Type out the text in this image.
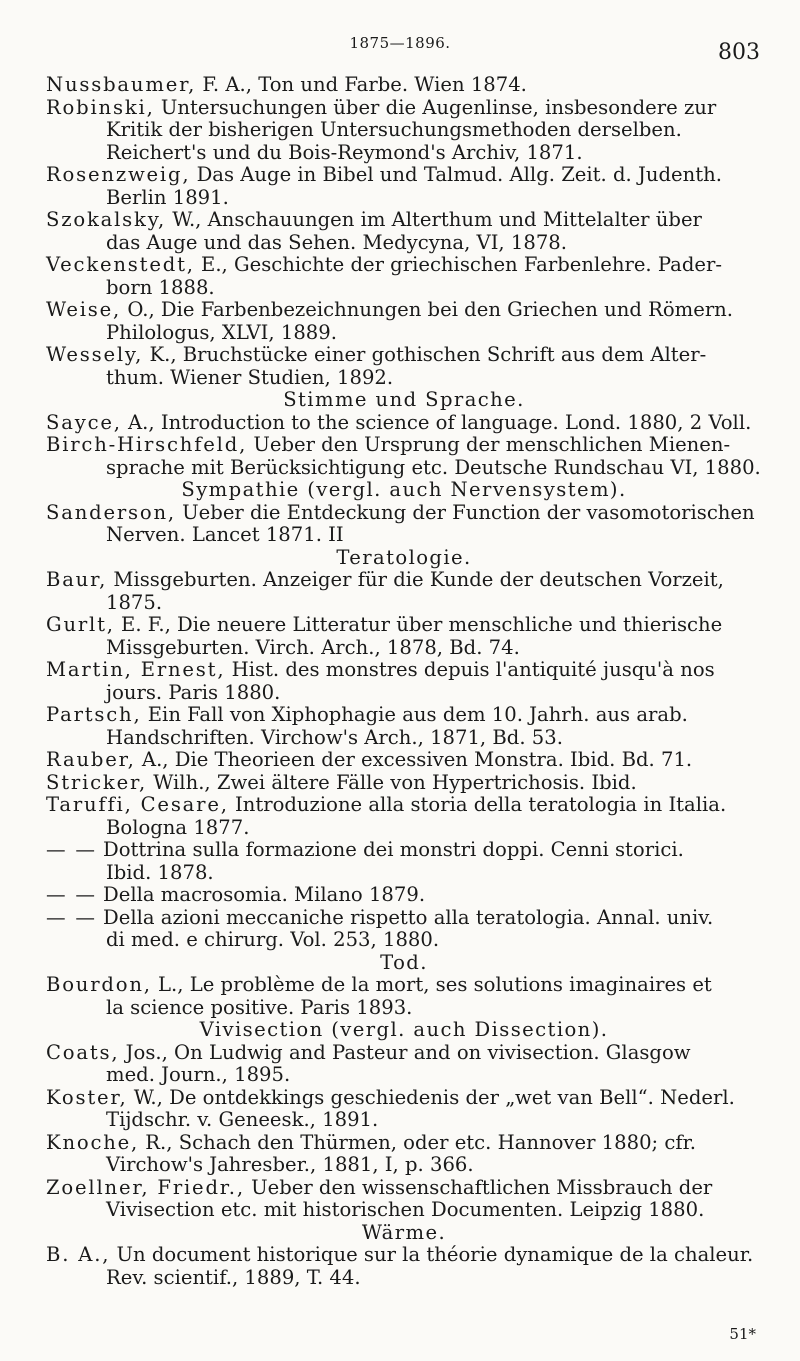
1875—1896.	803

Nussbaumer, F. A., Ton und Farbe. Wien 1874.

Robinski, Untersuchungen über die Augenlinse, insbesondere zur
Kritik der bisherigen Untersuchungsmethoden derselben. Reichert's und du Bois-Reymond's Archiv, 1871.

Rosenzweig, Das Auge in Bibel und Talmud. Allg. Zeit. d. Judenth.
Berlin 1891.

Szokalsky, W., Anschauungen im Alterthum und Mittelalter über
das Auge und das Sehen. Medycyna, VI, 1878.

Veckenstedt, E., Geschichte der griechischen Farbenlehre. Pader-
born 1888.

Weise, O., Die Farbenbezeichnungen bei den Griechen und Römern.
Philologus, XLVI, 1889.

Wessely, K., Bruchstücke einer gothischen Schrift aus dem Alter-
thum. Wiener Studien, 1892.

Stimme und Sprache.

Sayce, A., Introduction to the science of language. Lond. 1880, 2 Voll.

Birch-Hirschfeld, Ueber den Ursprung der menschlichen Mienen-
sprache mit Berücksichtigung etc. Deutsche Rundschau VI, 1880.

Sympathie (vergl. auch Nervensystem).

Sanderson, Ueber die Entdeckung der Function der vasomotorischen
Nerven. Lancet 1871. II

Teratologie.

Baur, Missgeburten. Anzeiger für die Kunde der deutschen Vorzeit,
1875.

Gurlt, E. F., Die neuere Litteratur über menschliche und thierische
Missgeburten. Virch. Arch., 1878, Bd. 74.

Martin, Ernest, Hist. des monstres depuis l'antiquité jusqu'à nos
jours. Paris 1880.

Partsch, Ein Fall von Xiphophagie aus dem 10. Jahrh. aus arab.
Handschriften. Virchow's Arch., 1871, Bd. 53.

Rauber, A., Die Theorieen der excessiven Monstra. Ibid. Bd. 71.

Stricker, Wilh., Zwei ältere Fälle von Hypertrichosis. Ibid.

Taruffi, Cesare, Introduzione alla storia della teratologia in Italia.
Bologna 1877.

— — Dottrina sulla formazione dei monstri doppi. Cenni storici.
Ibid. 1878.

— — Della macrosomia. Milano 1879.

— — Della azioni meccaniche rispetto alla teratologia. Annal. univ.
di med. e chirurg. Vol. 253, 1880.

Tod.

Bourdon, L., Le problème de la mort, ses solutions imaginaires et
la science positive. Paris 1893.

Vivisection (vergl. auch Dissection).

Coats, Jos., On Ludwig and Pasteur and on vivisection. Glasgow
med. Journ., 1895.

Koster, W., De ontdekkings geschiedenis der „wet van Bell“. Nederl.
Tijdschr. v. Geneesk., 1891.

Knoche, R., Schach den Thürmen, oder etc. Hannover 1880; cfr.
Virchow's Jahresber., 1881, I, p. 366.

Zoellner, Friedr., Ueber den wissenschaftlichen Missbrauch der
Vivisection etc. mit historischen Documenten. Leipzig 1880.

Wärme.

B. A., Un document historique sur la théorie dynamique de la chaleur.
Rev. scientif., 1889, T. 44.

51*
